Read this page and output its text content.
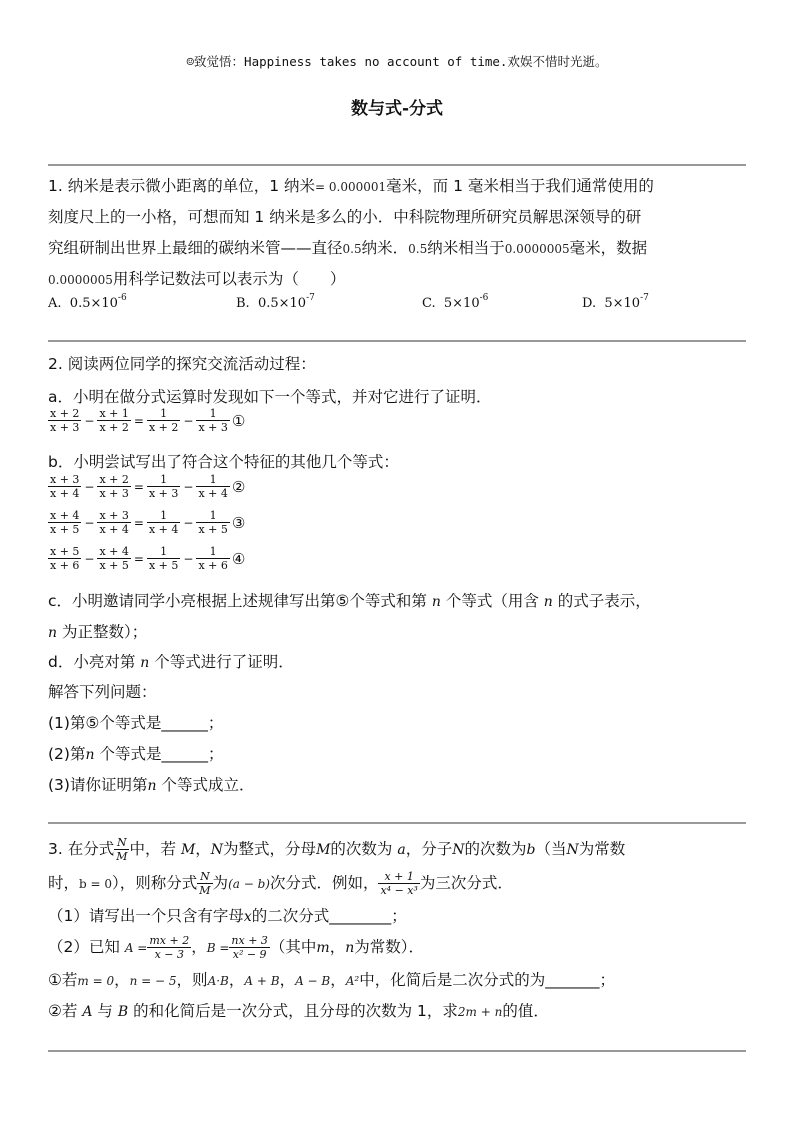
☺致觉悟：Happiness takes no account of time.欢娱不惜时光逝。
数与式-分式
1. 纳米是表示微小距离的单位，1 纳米= 0.000001毫米，而 1 毫米相当于我们通常使用的
刻度尺上的一小格，可想而知 1 纳米是多么的小．中科院物理所研究员解思深领导的研
究组研制出世界上最细的碳纳米管——直径0.5纳米．0.5纳米相当于0.0000005毫米，数据
0.0000005用科学记数法可以表示为（　　）
A. $0.5\times 10^{-6}$	B. $0.5\times 10^{-7}$	C. $5\times 10^{-6}$	D. $5\times 10^{-7}$
2. 阅读两位同学的探究交流活动过程：
a．小明在做分式运算时发现如下一个等式，并对它进行了证明．
$\frac{x + 2}{x + 3} - \frac{x + 1}{x + 2} = \frac{1}{x + 2} - \frac{1}{x + 3}$ ①
b．小明尝试写出了符合这个特征的其他几个等式：
$\frac{x + 3}{x + 4} - \frac{x + 2}{x + 3} = \frac{1}{x + 3} - \frac{1}{x + 4}$ ②
$\frac{x + 4}{x + 5} - \frac{x + 3}{x + 4} = \frac{1}{x + 4} - \frac{1}{x + 5}$ ③
$\frac{x + 5}{x + 6} - \frac{x + 4}{x + 5} = \frac{1}{x + 5} - \frac{1}{x + 6}$ ④
c．小明邀请同学小亮根据上述规律写出第⑤个等式和第 n 个等式（用含 n 的式子表示，
n 为正整数）；
d．小亮对第 n 个等式进行了证明．
解答下列问题：
(1)第⑤个等式是______；
(2)第n 个等式是______；
(3)请你证明第n 个等式成立．
3. 在分式 $\frac{N}{M}$ 中，若 M，N为整式，分母M的次数为 a，分子N的次数为b（当N为常数
时，b = 0），则称分式 $\frac{N}{M}$ 为(a − b)次分式．例如， $\frac{x + 1}{\text{x⁴ − x³}}$ 为三次分式．
（1）请写出一个只含有字母x的二次分式________；
（2）已知 $A = \frac{mx + 2}{x - 3}$ ，$B = \frac{nx + 3}{\text{x² − 9}}$ （其中m，n为常数）．
①若m = 0，n = − 5，则A·B，A + B，A − B，A²中，化简后是二次分式的为_______；
②若 A 与 B 的和化简后是一次分式，且分母的次数为 1，求2m + n的值．
